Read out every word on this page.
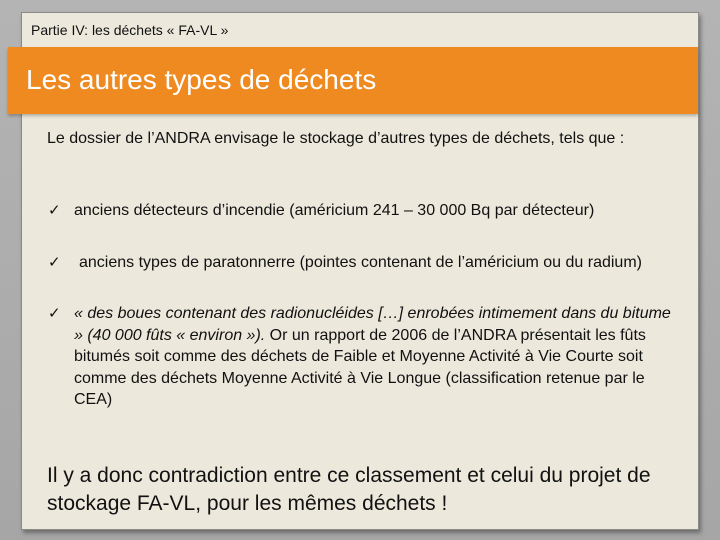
Partie IV: les déchets « FA-VL »
Les autres types de déchets
Le dossier de l’ANDRA envisage le stockage d’autres types de déchets, tels que :
✓ anciens détecteurs d’incendie (américium 241 – 30 000 Bq par détecteur)
✓ anciens types de paratonnerre (pointes contenant de l’américium ou du radium)
✓ « des boues contenant des radionucléides […] enrobées intimement dans du bitume » (40 000 fûts « environ »). Or un rapport de 2006 de l’ANDRA présentait les fûts bitumés soit comme des déchets de Faible et Moyenne Activité à Vie Courte soit comme des déchets Moyenne Activité à Vie Longue (classification retenue par le CEA)
Il y a donc contradiction entre ce classement et celui du projet de stockage FA-VL, pour les mêmes déchets !
